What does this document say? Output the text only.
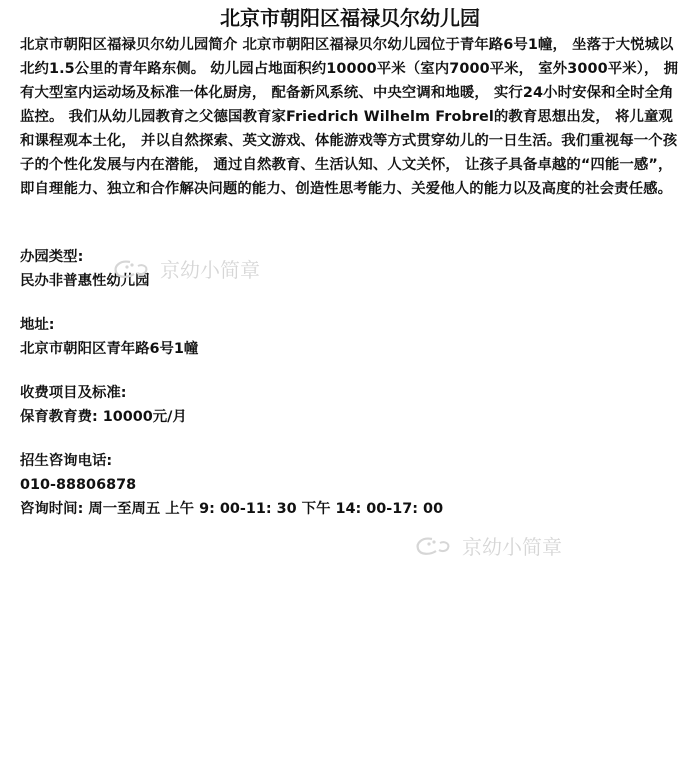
北京市朝阳区福禄贝尔幼儿园

北京市朝阳区福禄贝尔幼儿园简介 北京市朝阳区福禄贝尔幼儿园位于青年路6号1幢， 坐落于大悦城以北约1.5公里的青年路东侧。 幼儿园占地面积约10000平米（室内7000平米， 室外3000平米）， 拥有大型室内运动场及标准一体化厨房， 配备新风系统、中央空调和地暖， 实行24小时安保和全时全角监控。 我们从幼儿园教育之父德国教育家Friedrich Wilhelm Frobrel的教育思想出发， 将儿童观和课程观本土化， 并以自然探索、英文游戏、体能游戏等方式贯穿幼儿的一日生活。我们重视每一个孩子的个性化发展与内在潜能， 通过自然教育、生活认知、人文关怀， 让孩子具备卓越的“四能一感”， 即自理能力、独立和合作解决问题的能力、创造性思考能力、关爱他人的能力以及高度的社会责任感。

办园类型:
民办非普惠性幼儿园
地址:
北京市朝阳区青年路6号1幢
收费项目及标准:
保育教育费: 10000元/月
招生咨询电话:
010-88806878
咨询时间: 周一至周五 上午 9: 00-11: 30 下午 14: 00-17: 00
京幼小简章
京幼小简章
